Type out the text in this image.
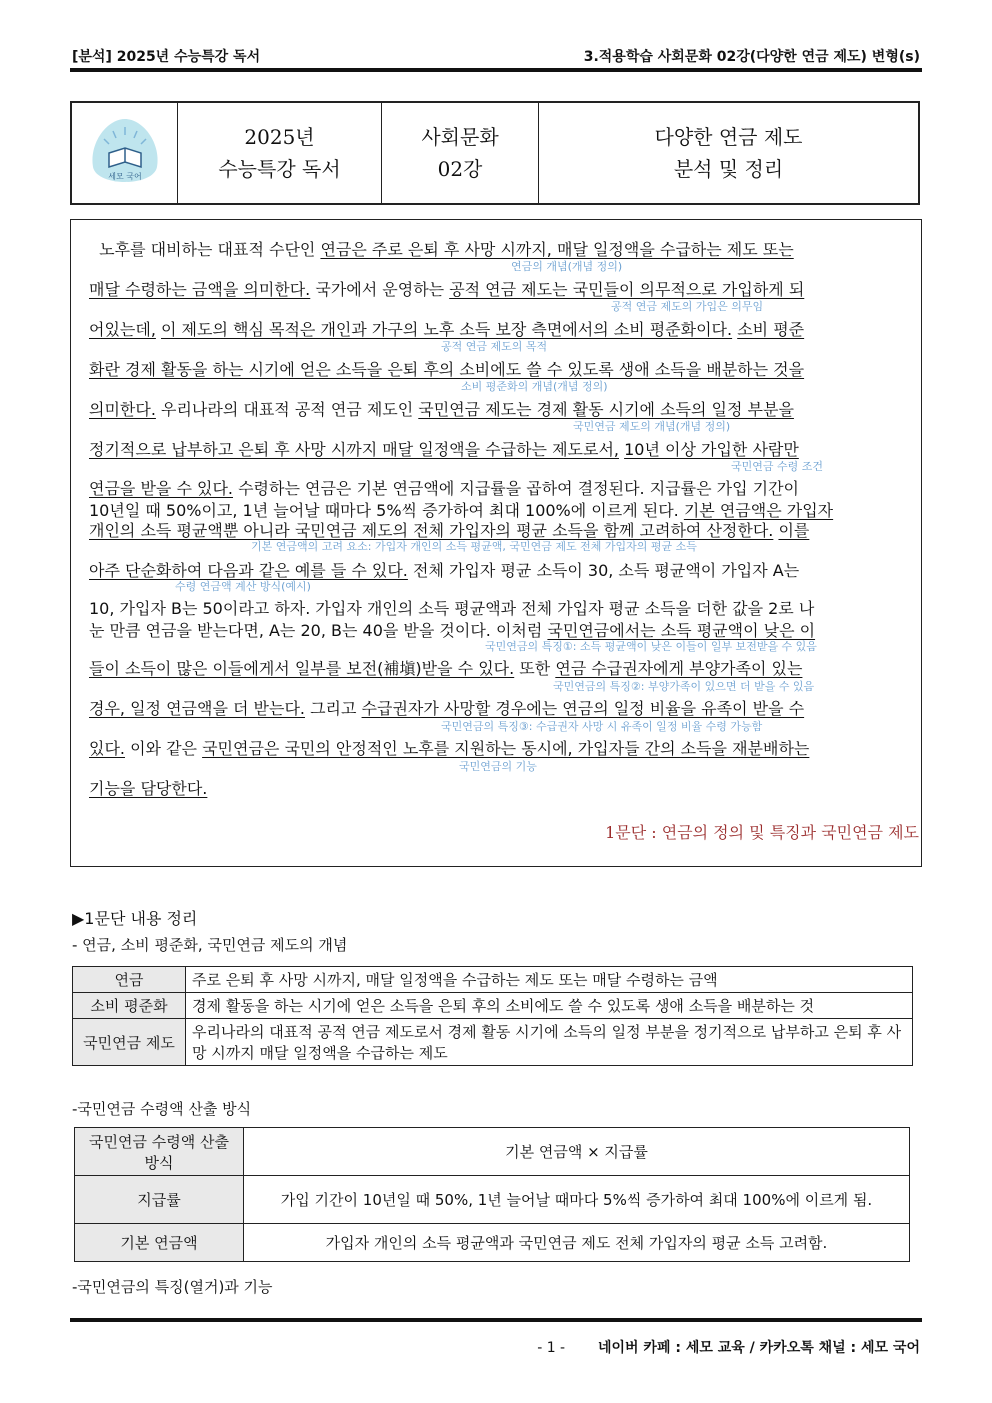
[분석] 2025년 수능특강 독서	3.적용학습 사회문화 02강(다양한 연금 제도) 변형(s)
세모 국어
2025년
수능특강 독서
사회문화
02강
다양한 연금 제도
분석 및 정리
노후를 대비하는 대표적 수단인 연금은 주로 은퇴 후 사망 시까지, 매달 일정액을 수급하는 제도 또는
매달 수령하는 금액을 의미한다. 국가에서 운영하는 공적 연금 제도는 국민들이 의무적으로 가입하게 되
어있는데, 이 제도의 핵심 목적은 개인과 가구의 노후 소득 보장 측면에서의 소비 평준화이다. 소비 평준
화란 경제 활동을 하는 시기에 얻은 소득을 은퇴 후의 소비에도 쓸 수 있도록 생애 소득을 배분하는 것을
의미한다. 우리나라의 대표적 공적 연금 제도인 국민연금 제도는 경제 활동 시기에 소득의 일정 부분을
정기적으로 납부하고 은퇴 후 사망 시까지 매달 일정액을 수급하는 제도로서, 10년 이상 가입한 사람만
연금을 받을 수 있다. 수령하는 연금은 기본 연금액에 지급률을 곱하여 결정된다. 지급률은 가입 기간이
10년일 때 50%이고, 1년 늘어날 때마다 5%씩 증가하여 최대 100%에 이르게 된다. 기본 연금액은 가입자
개인의 소득 평균액뿐 아니라 국민연금 제도의 전체 가입자의 평균 소득을 함께 고려하여 산정한다. 이를
아주 단순화하여 다음과 같은 예를 들 수 있다. 전체 가입자 평균 소득이 30, 소득 평균액이 가입자 A는
10, 가입자 B는 50이라고 하자. 가입자 개인의 소득 평균액과 전체 가입자 평균 소득을 더한 값을 2로 나
눈 만큼 연금을 받는다면, A는 20, B는 40을 받을 것이다. 이처럼 국민연금에서는 소득 평균액이 낮은 이
들이 소득이 많은 이들에게서 일부를 보전(補塡)받을 수 있다. 또한 연금 수급권자에게 부양가족이 있는
경우, 일정 연금액을 더 받는다. 그리고 수급권자가 사망할 경우에는 연금의 일정 비율을 유족이 받을 수
있다. 이와 같은 국민연금은 국민의 안정적인 노후를 지원하는 동시에, 가입자들 간의 소득을 재분배하는
기능을 담당한다.
연금의 개념(개념 정의)
공적 연금 제도의 가입은 의무임
공적 연금 제도의 목적
소비 평준화의 개념(개념 정의)
국민연금 제도의 개념(개념 정의)
국민연금 수령 조건
기본 연금액의 고려 요소: 가입자 개인의 소득 평균액, 국민연금 제도 전체 가입자의 평균 소득
수령 연금액 계산 방식(예시)
국민연금의 특징①: 소득 평균액이 낮은 이들이 일부 보전받을 수 있음
국민연금의 특징②: 부양가족이 있으면 더 받을 수 있음
국민연금의 특징③: 수급권자 사망 시 유족이 일정 비율 수령 가능함
국민연금의 기능
1문단 : 연금의 정의 및 특징과 국민연금 제도
▶1문단 내용 정리
- 연금, 소비 평준화, 국민연금 제도의 개념
연금	주로 은퇴 후 사망 시까지, 매달 일정액을 수급하는 제도 또는 매달 수령하는 금액
소비 평준화	경제 활동을 하는 시기에 얻은 소득을 은퇴 후의 소비에도 쓸 수 있도록 생애 소득을 배분하는 것
국민연금 제도	우리나라의 대표적 공적 연금 제도로서 경제 활동 시기에 소득의 일정 부분을 정기적으로 납부하고 은퇴 후 사망 시까지 매달 일정액을 수급하는 제도
-국민연금 수령액 산출 방식
국민연금 수령액 산출 방식	기본 연금액 × 지급률
지급률	가입 기간이 10년일 때 50%, 1년 늘어날 때마다 5%씩 증가하여 최대 100%에 이르게 됨.
기본 연금액	가입자 개인의 소득 평균액과 국민연금 제도 전체 가입자의 평균 소득 고려함.
-국민연금의 특징(열거)과 기능
- 1 - 네이버 카페 : 세모 교육 / 카카오톡 채널 : 세모 국어
